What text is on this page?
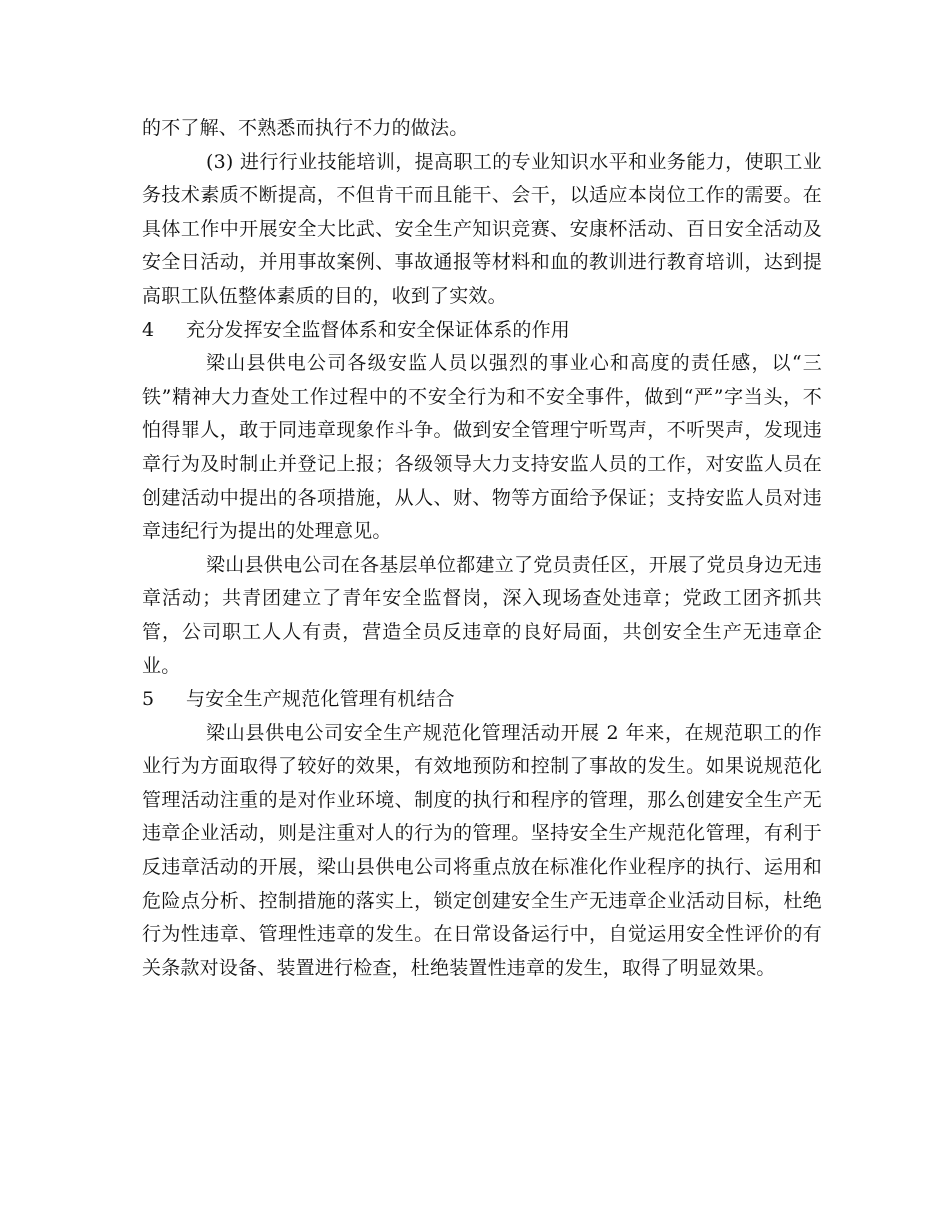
的不了解、不熟悉而执行不力的做法。

(3) 进行行业技能培训，提高职工的专业知识水平和业务能力，使职工业务技术素质不断提高，不但肯干而且能干、会干，以适应本岗位工作的需要。在具体工作中开展安全大比武、安全生产知识竞赛、安康杯活动、百日安全活动及安全日活动，并用事故案例、事故通报等材料和血的教训进行教育培训，达到提高职工队伍整体素质的目的，收到了实效。

4	充分发挥安全监督体系和安全保证体系的作用

梁山县供电公司各级安监人员以强烈的事业心和高度的责任感，以“三铁”精神大力查处工作过程中的不安全行为和不安全事件，做到“严”字当头，不怕得罪人，敢于同违章现象作斗争。做到安全管理宁听骂声，不听哭声，发现违章行为及时制止并登记上报；各级领导大力支持安监人员的工作，对安监人员在创建活动中提出的各项措施，从人、财、物等方面给予保证；支持安监人员对违章违纪行为提出的处理意见。

梁山县供电公司在各基层单位都建立了党员责任区，开展了党员身边无违章活动；共青团建立了青年安全监督岗，深入现场查处违章；党政工团齐抓共管，公司职工人人有责，营造全员反违章的良好局面，共创安全生产无违章企业。

5	与安全生产规范化管理有机结合

梁山县供电公司安全生产规范化管理活动开展 2 年来，在规范职工的作业行为方面取得了较好的效果，有效地预防和控制了事故的发生。如果说规范化管理活动注重的是对作业环境、制度的执行和程序的管理，那么创建安全生产无违章企业活动，则是注重对人的行为的管理。坚持安全生产规范化管理，有利于反违章活动的开展，梁山县供电公司将重点放在标准化作业程序的执行、运用和危险点分析、控制措施的落实上，锁定创建安全生产无违章企业活动目标，杜绝行为性违章、管理性违章的发生。在日常设备运行中，自觉运用安全性评价的有关条款对设备、装置进行检查，杜绝装置性违章的发生，取得了明显效果。
